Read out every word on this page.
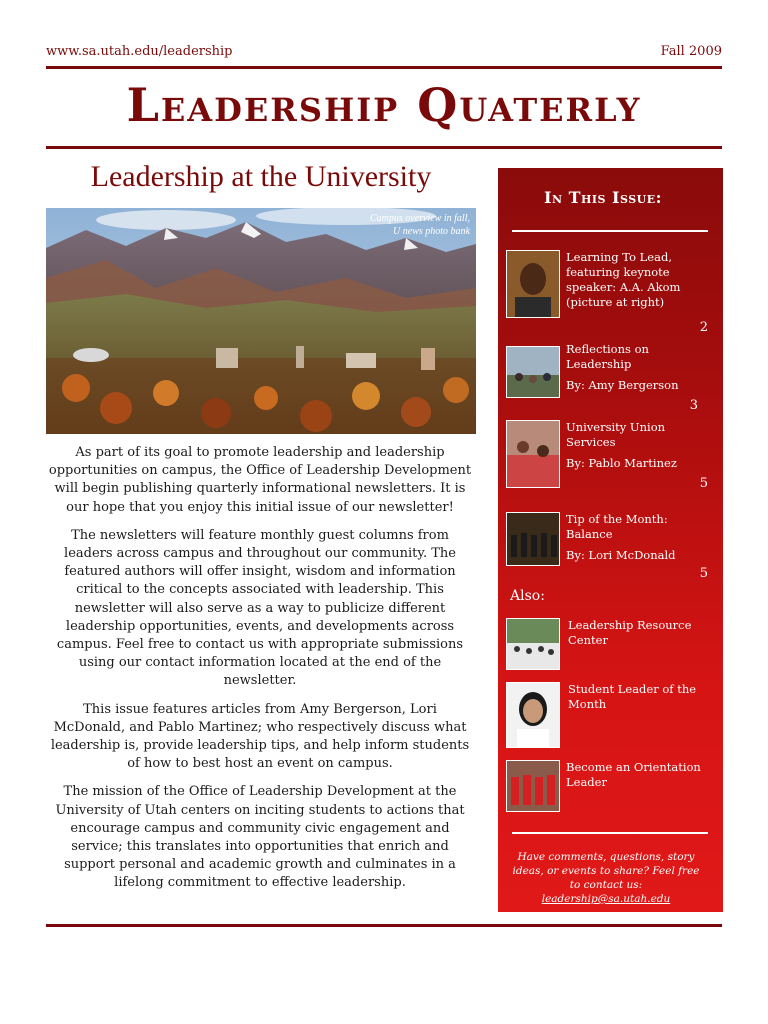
www.sa.utah.edu/leadership	Fall 2009
Leadership Quaterly
Leadership at the University
Campus overview in fall,
U news photo bank

As part of its goal to promote leadership and leadership opportunities on campus, the Office of Leadership Development will begin publishing quarterly informational newsletters. It is our hope that you enjoy this initial issue of our newsletter!

The newsletters will feature monthly guest columns from leaders across campus and throughout our community. The featured authors will offer insight, wisdom and information critical to the concepts associated with leadership. This newsletter will also serve as a way to publicize different leadership opportunities, events, and developments across campus. Feel free to contact us with appropriate submissions using our contact information located at the end of the newsletter.

This issue features articles from Amy Bergerson, Lori McDonald, and Pablo Martinez; who respectively discuss what leadership is, provide leadership tips, and help inform students of how to best host an event on campus.

The mission of the Office of Leadership Development at the University of Utah centers on inciting students to actions that encourage campus and community civic engagement and service; this translates into opportunities that enrich and support personal and academic growth and culminates in a lifelong commitment to effective leadership.

In This Issue:
Learning To Lead, featuring keynote speaker: A.A. Akom (picture at right)
2
Reflections on Leadership
By: Amy Bergerson
3
University Union Services
By: Pablo Martinez
5
Tip of the Month: Balance
By: Lori McDonald
5
Also:
Leadership Resource Center
Student Leader of the Month
Become an Orientation Leader
Have comments, questions, story ideas, or events to share? Feel free to contact us:
leadership@sa.utah.edu
